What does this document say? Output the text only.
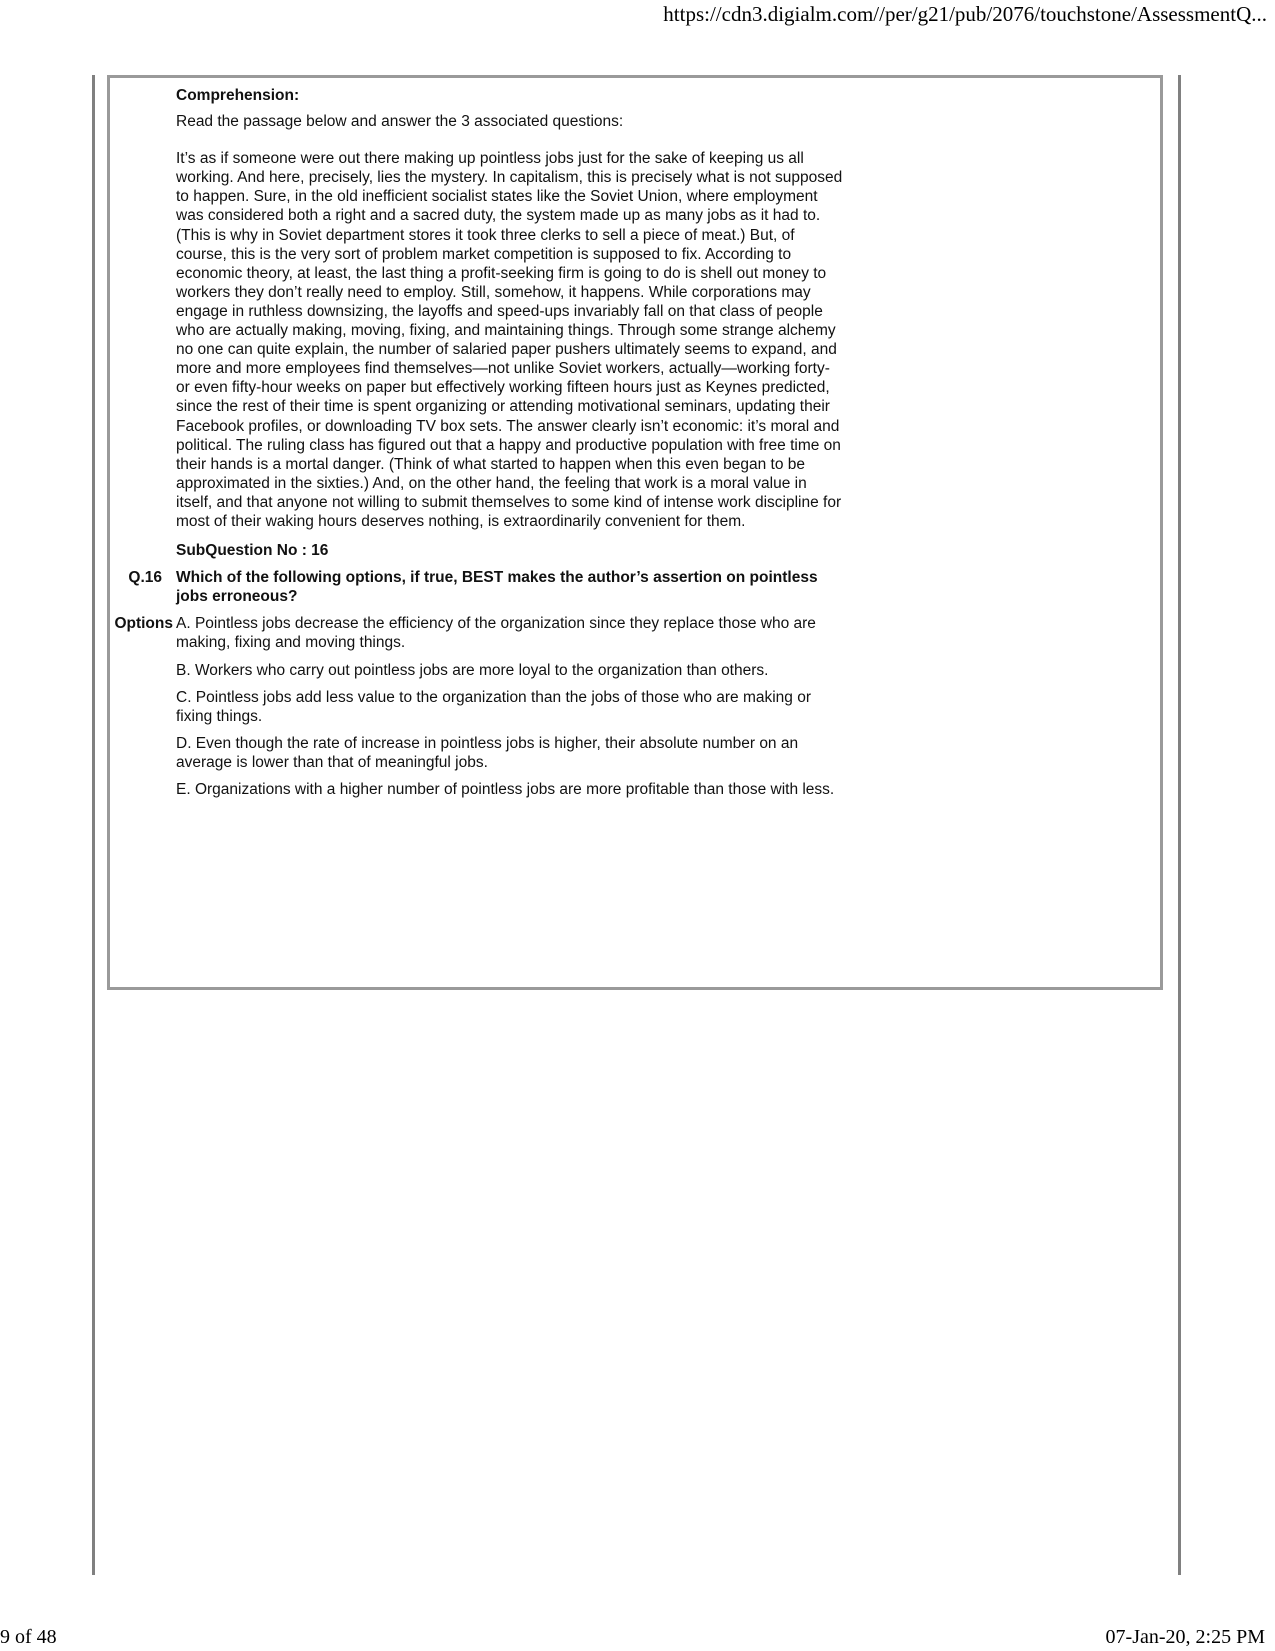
https://cdn3.digialm.com//per/g21/pub/2076/touchstone/AssessmentQ...
Comprehension:
Read the passage below and answer the 3 associated questions:
It’s as if someone were out there making up pointless jobs just for the sake of keeping us all working. And here, precisely, lies the mystery. In capitalism, this is precisely what is not supposed to happen. Sure, in the old inefficient socialist states like the Soviet Union, where employment was considered both a right and a sacred duty, the system made up as many jobs as it had to. (This is why in Soviet department stores it took three clerks to sell a piece of meat.) But, of course, this is the very sort of problem market competition is supposed to fix. According to economic theory, at least, the last thing a profit-seeking firm is going to do is shell out money to workers they don’t really need to employ. Still, somehow, it happens. While corporations may engage in ruthless downsizing, the layoffs and speed-ups invariably fall on that class of people who are actually making, moving, fixing, and maintaining things. Through some strange alchemy no one can quite explain, the number of salaried paper pushers ultimately seems to expand, and more and more employees find themselves—not unlike Soviet workers, actually—working forty- or even fifty-hour weeks on paper but effectively working fifteen hours just as Keynes predicted, since the rest of their time is spent organizing or attending motivational seminars, updating their Facebook profiles, or downloading TV box sets. The answer clearly isn’t economic: it’s moral and political. The ruling class has figured out that a happy and productive population with free time on their hands is a mortal danger. (Think of what started to happen when this even began to be approximated in the sixties.) And, on the other hand, the feeling that work is a moral value in itself, and that anyone not willing to submit themselves to some kind of intense work discipline for most of their waking hours deserves nothing, is extraordinarily convenient for them.
SubQuestion No : 16
Q.16 Which of the following options, if true, BEST makes the author’s assertion on pointless jobs erroneous?
Options A. Pointless jobs decrease the efficiency of the organization since they replace those who are making, fixing and moving things.
B. Workers who carry out pointless jobs are more loyal to the organization than others.
C. Pointless jobs add less value to the organization than the jobs of those who are making or fixing things.
D. Even though the rate of increase in pointless jobs is higher, their absolute number on an average is lower than that of meaningful jobs.
E. Organizations with a higher number of pointless jobs are more profitable than those with less.
9 of 48	07-Jan-20, 2:25 PM
